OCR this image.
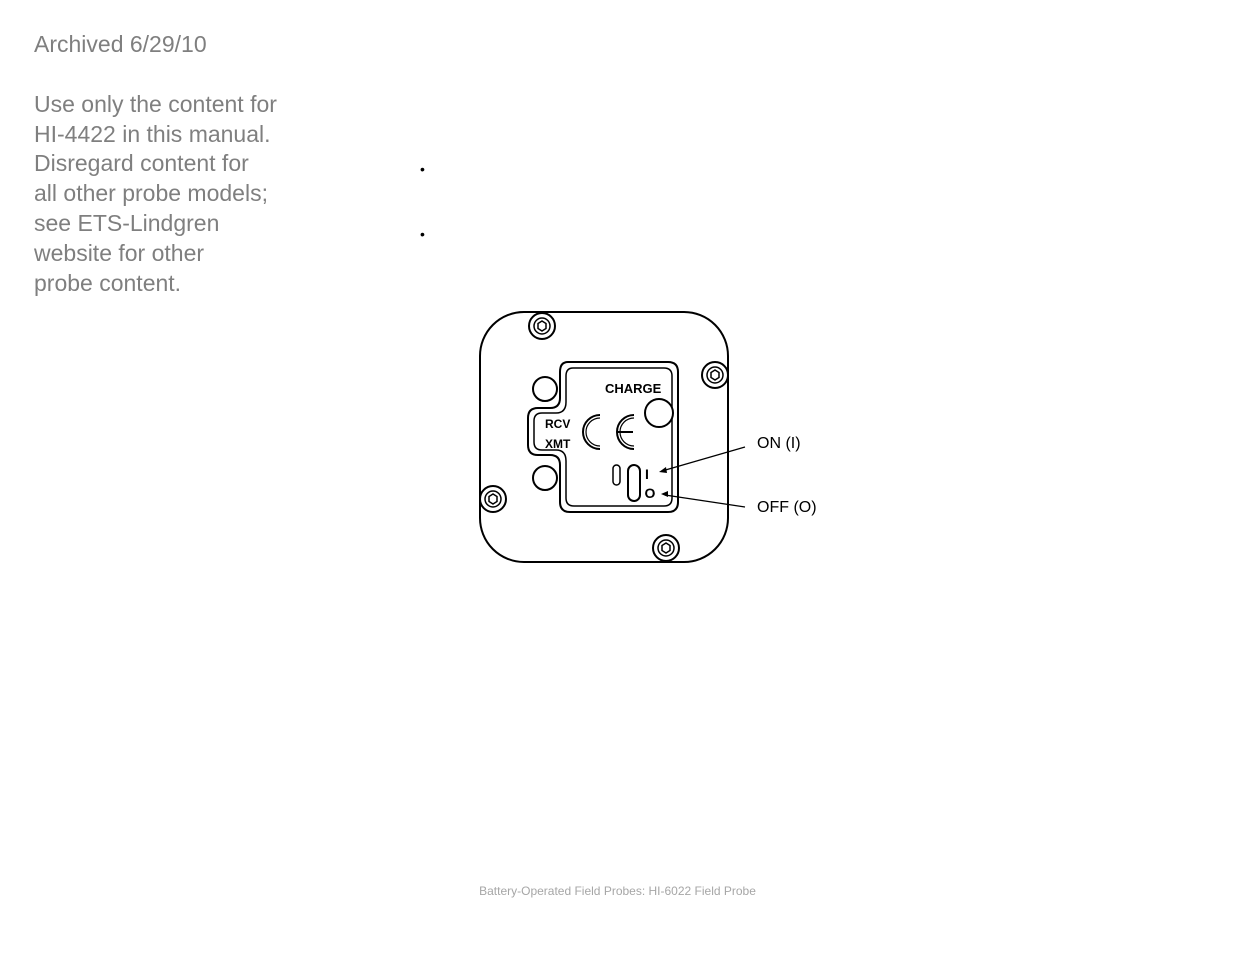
Archived 6/29/10
Use only the content for
HI-4422 in this manual.
Disregard content for
all other probe models;
see ETS-Lindgren
website for other
probe content.
•
•
CHARGE
RCV
XMT
I
O
ON (I)
OFF (O)
Battery-Operated Field Probes: HI-6022 Field Probe
